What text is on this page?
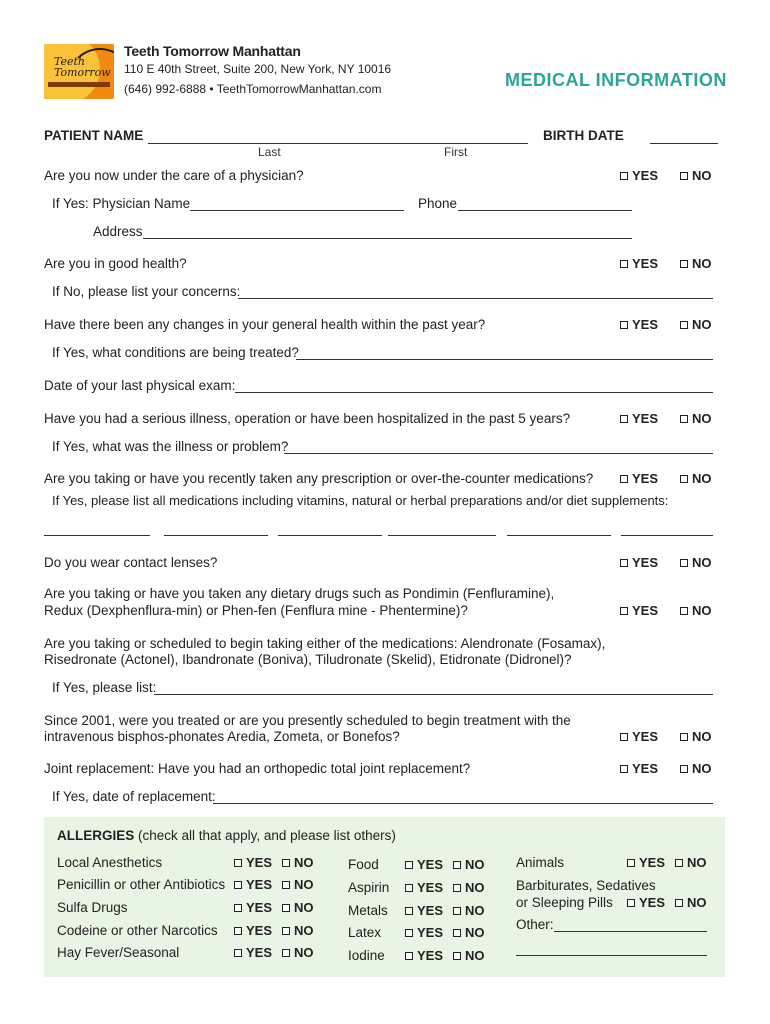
Teeth Tomorrow
Teeth Tomorrow Manhattan
110 E 40th Street, Suite 200, New York, NY 10016
(646) 992-6888 • TeethTomorrowManhattan.com	MEDICAL INFORMATION
PATIENT NAME
Last	First
BIRTH DATE
Are you now under the care of a physician?	YES	NO
If Yes: Physician Name	Phone
Address
Are you in good health?	YES	NO
If No, please list your concerns:
Have there been any changes in your general health within the past year?	YES	NO
If Yes, what conditions are being treated?
Date of your last physical exam:
Have you had a serious illness, operation or have been hospitalized in the past 5 years?	YES	NO
If Yes, what was the illness or problem?
Are you taking or have you recently taken any prescription or over-the-counter medications?	YES	NO
If Yes, please list all medications including vitamins, natural or herbal preparations and/or diet supplements:
Do you wear contact lenses?	YES	NO
Are you taking or have you taken any dietary drugs such as Pondimin (Fenfluramine),
Redux (Dexphenflura-min) or Phen-fen (Fenflura mine - Phentermine)?	YES	NO
Are you taking or scheduled to begin taking either of the medications: Alendronate (Fosamax),
Risedronate (Actonel), Ibandronate (Boniva), Tiludronate (Skelid), Etidronate (Didronel)?
If Yes, please list:
Since 2001, were you treated or are you presently scheduled to begin treatment with the
intravenous bisphos-phonates Aredia, Zometa, or Bonefos?	YES	NO
Joint replacement: Have you had an orthopedic total joint replacement?	YES	NO
If Yes, date of replacement:
ALLERGIES (check all that apply, and please list others)
Local Anesthetics	YES	NO
Penicillin or other Antibiotics	YES	NO
Sulfa Drugs	YES	NO
Codeine or other Narcotics	YES	NO
Hay Fever/Seasonal	YES	NO
Food	YES	NO
Aspirin	YES	NO
Metals	YES	NO
Latex	YES	NO
Iodine	YES	NO
Animals	YES	NO
Barbiturates, Sedatives
or Sleeping Pills	YES	NO
Other:
